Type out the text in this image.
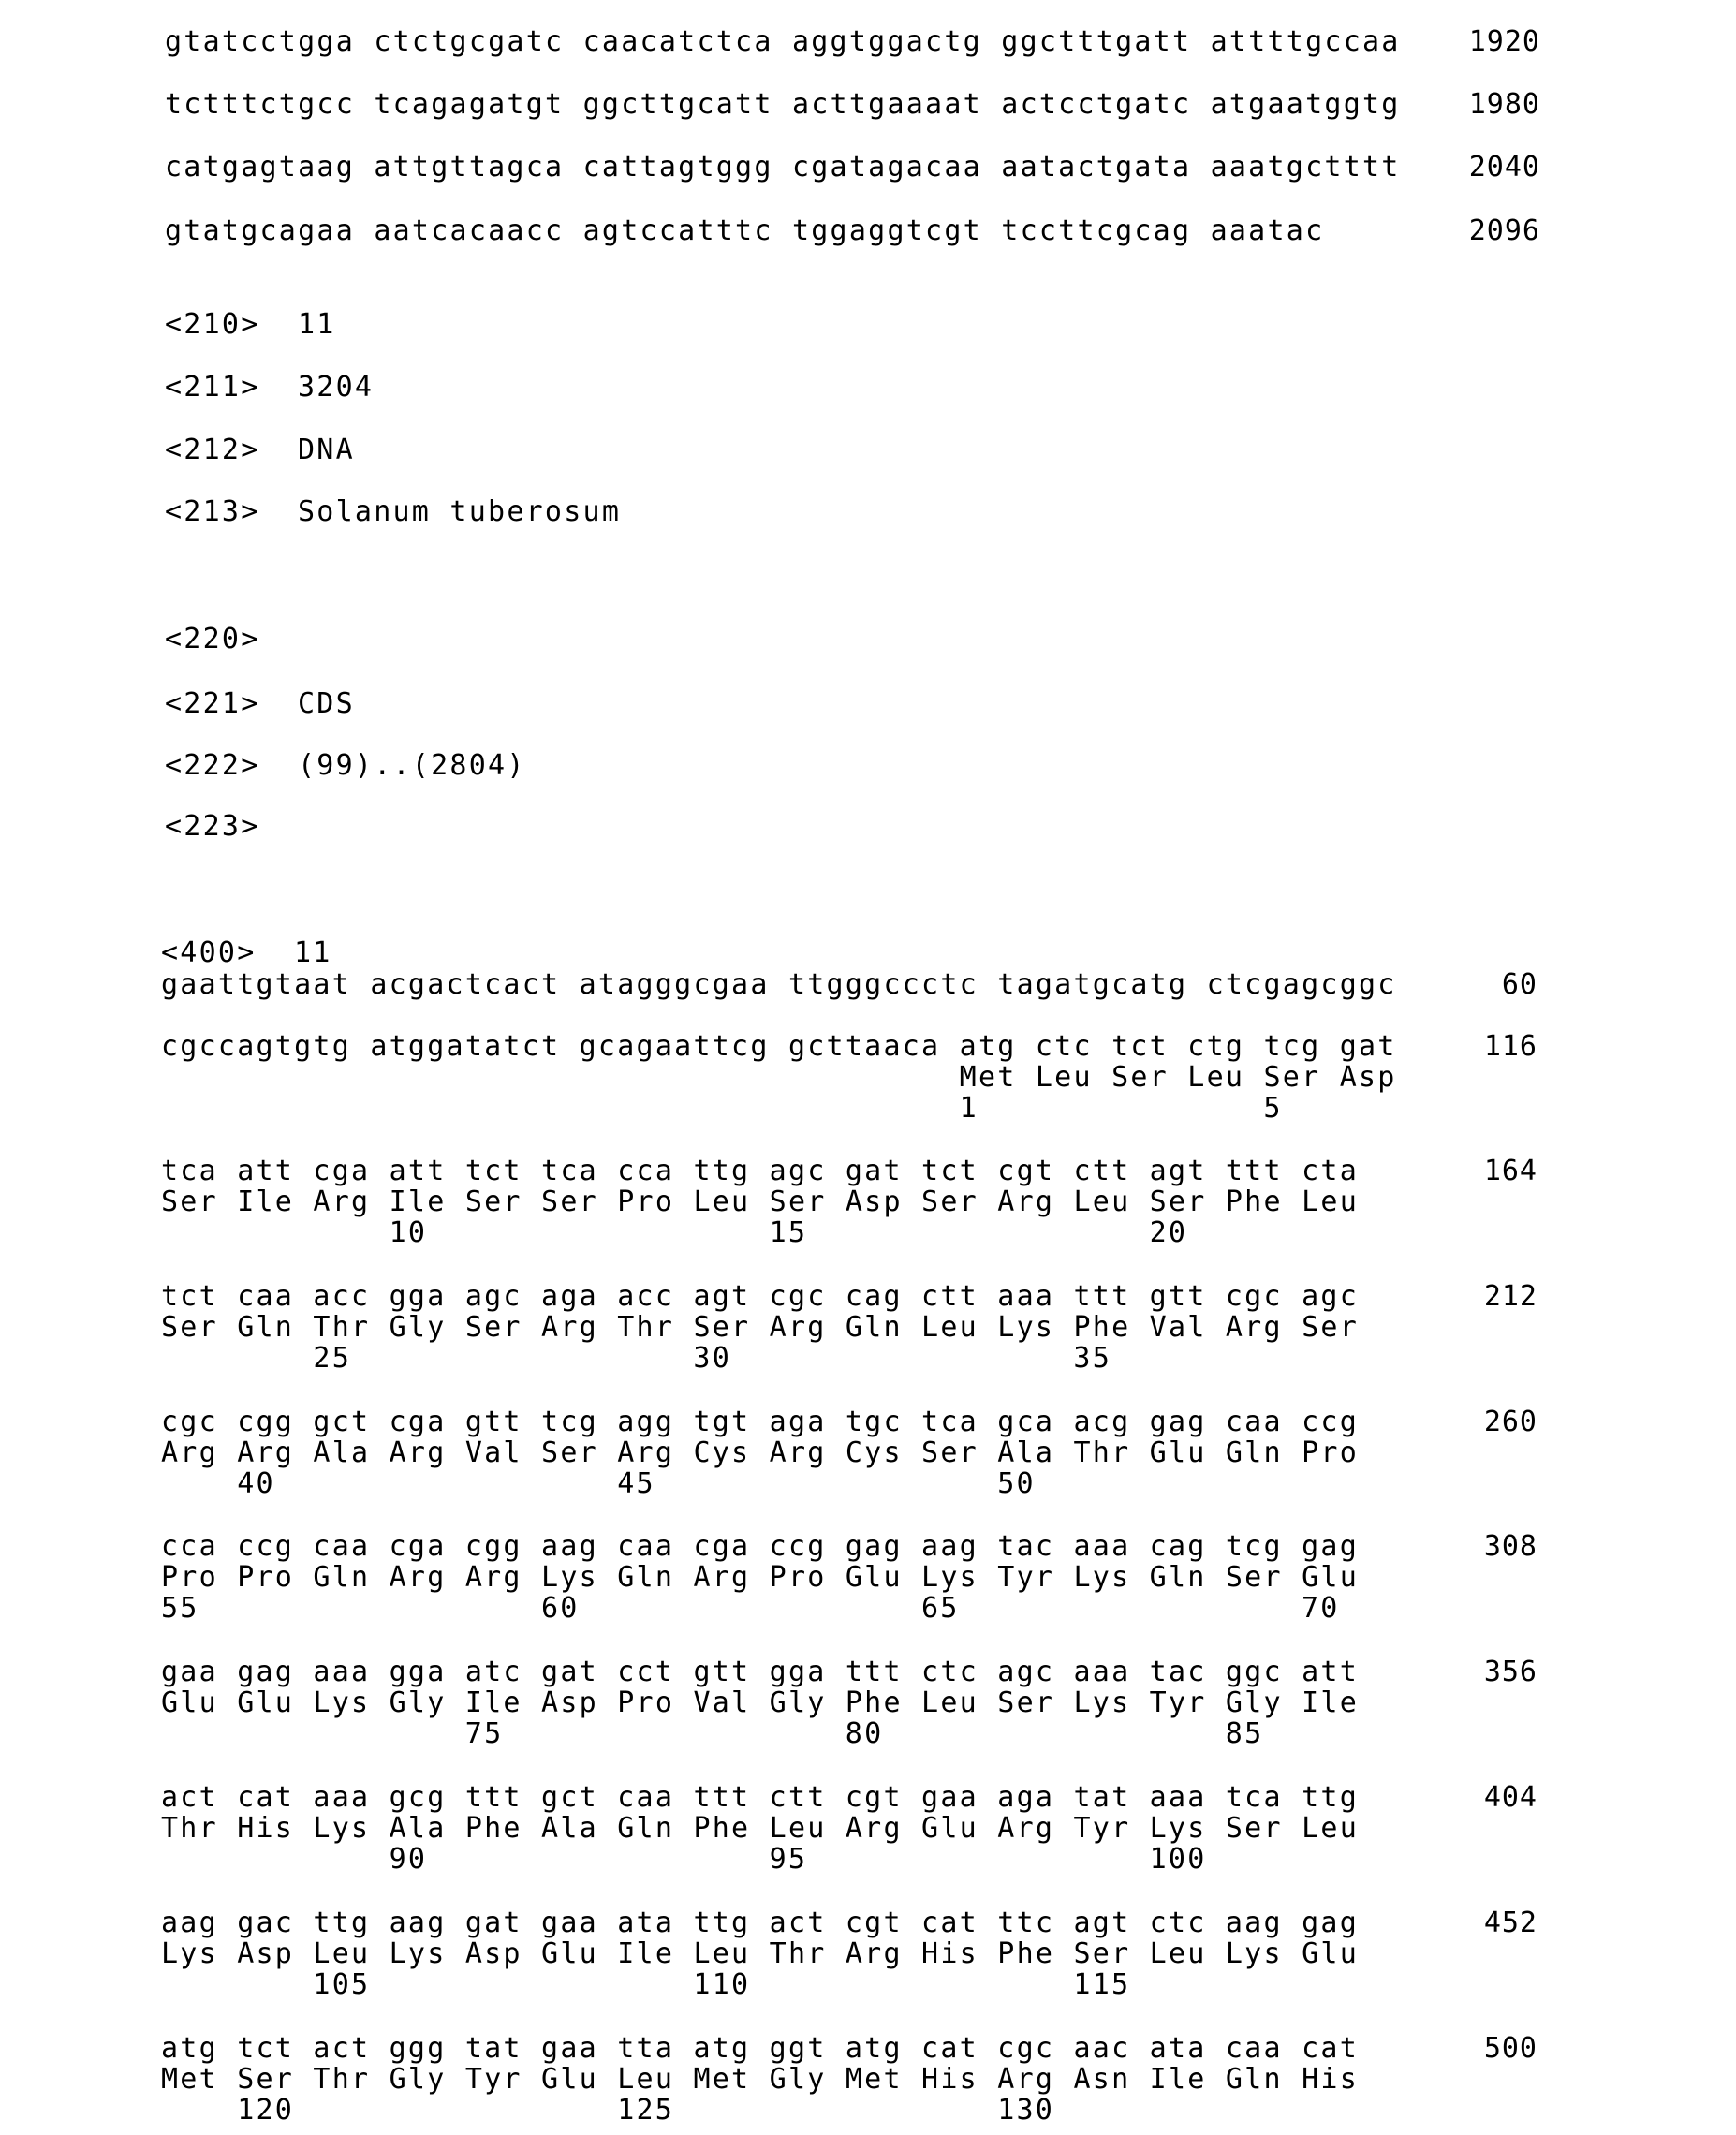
gtatcctgga ctctgcgatc caacatctca aggtggactg ggctttgatt attttgccaa	1920
tctttctgcc tcagagatgt ggcttgcatt acttgaaaat actcctgatc atgaatggtg	1980
catgagtaag attgttagca cattagtggg cgatagacaa aatactgata aaatgctttt	2040
gtatgcagaa aatcacaacc agtccatttc tggaggtcgt tccttcgcag aaatac	2096
<210> 11
<211> 3204
<212> DNA
<213> Solanum tuberosum
<220>
<221> CDS
<222> (99)..(2804)
<223>
<400> 11
gaattgtaat acgactcact atagggcgaa ttgggccctc tagatgcatg ctcgagcggc	60
cgccagtgtg atggatatct gcagaattcg gcttaaca atg ctc tct ctg tcg gat	116
Met Leu Ser Leu Ser Asp
1	5
tca att cga att tct tca cca ttg agc gat tct cgt ctt agt ttt cta	164
Ser Ile Arg Ile Ser Ser Pro Leu Ser Asp Ser Arg Leu Ser Phe Leu
10	15	20
tct caa acc gga agc aga acc agt cgc cag ctt aaa ttt gtt cgc agc	212
Ser Gln Thr Gly Ser Arg Thr Ser Arg Gln Leu Lys Phe Val Arg Ser
25	30	35
cgc cgg gct cga gtt tcg agg tgt aga tgc tca gca acg gag caa ccg	260
Arg Arg Ala Arg Val Ser Arg Cys Arg Cys Ser Ala Thr Glu Gln Pro
40	45	50
cca ccg caa cga cgg aag caa cga ccg gag aag tac aaa cag tcg gag	308
Pro Pro Gln Arg Arg Lys Gln Arg Pro Glu Lys Tyr Lys Gln Ser Glu
55	60	65	70
gaa gag aaa gga atc gat cct gtt gga ttt ctc agc aaa tac ggc att	356
Glu Glu Lys Gly Ile Asp Pro Val Gly Phe Leu Ser Lys Tyr Gly Ile
75	80	85
act cat aaa gcg ttt gct caa ttt ctt cgt gaa aga tat aaa tca ttg	404
Thr His Lys Ala Phe Ala Gln Phe Leu Arg Glu Arg Tyr Lys Ser Leu
90	95	100
aag gac ttg aag gat gaa ata ttg act cgt cat ttc agt ctc aag gag	452
Lys Asp Leu Lys Asp Glu Ile Leu Thr Arg His Phe Ser Leu Lys Glu
105	110	115
atg tct act ggg tat gaa tta atg ggt atg cat cgc aac ata caa cat	500
Met Ser Thr Gly Tyr Glu Leu Met Gly Met His Arg Asn Ile Gln His
120	125	130
